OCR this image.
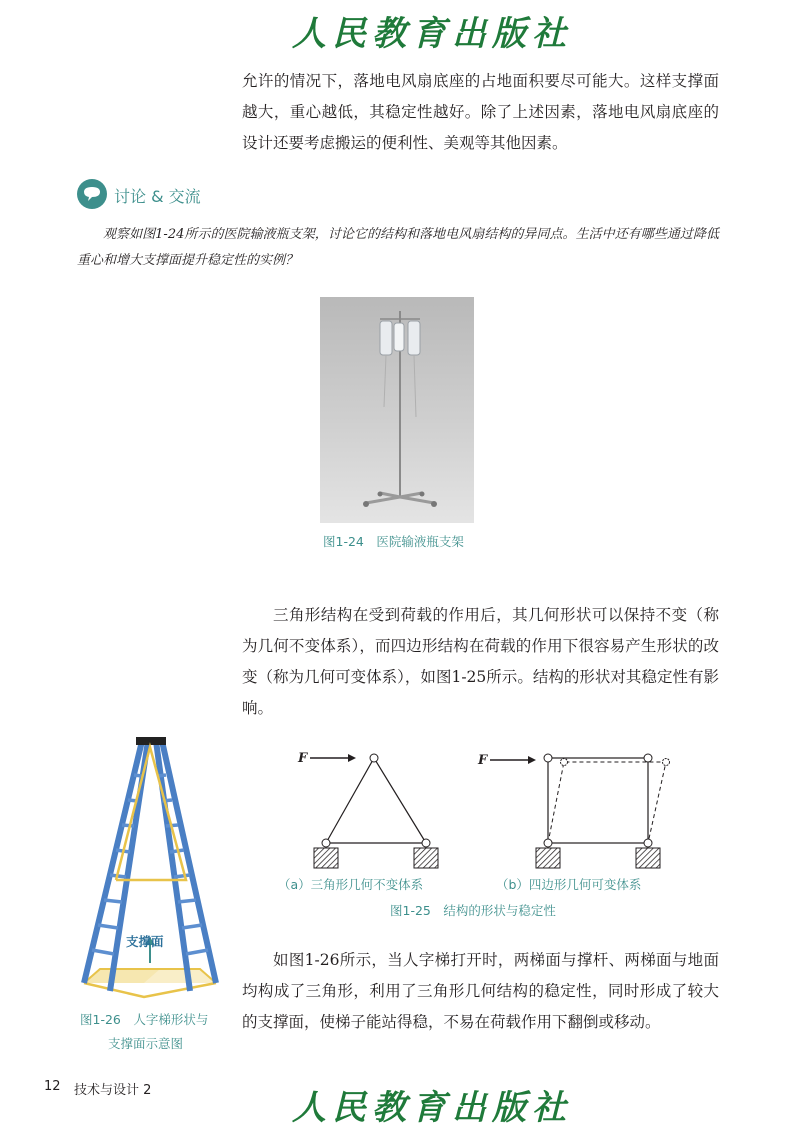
人民教育出版社

允许的情况下，落地电风扇底座的占地面积要尽可能大。这样支撑面越大，重心越低，其稳定性越好。除了上述因素，落地电风扇底座的设计还要考虑搬运的便利性、美观等其他因素。

讨论 & 交流
观察如图1-24所示的医院输液瓶支架，讨论它的结构和落地电风扇结构的异同点。生活中还有哪些通过降低重心和增大支撑面提升稳定性的实例？
图1-24　医院输液瓶支架

三角形结构在受到荷载的作用后，其几何形状可以保持不变（称为几何不变体系），而四边形结构在荷载的作用下很容易产生形状的改变（称为几何可变体系），如图1-25所示。结构的形状对其稳定性有影响。

支撑面
图1-26　人字梯形状与
支撑面示意图
F
（a）三角形几何不变体系
F
（b）四边形几何可变体系
图1-25　结构的形状与稳定性

如图1-26所示，当人字梯打开时，两梯面与撑杆、两梯面与地面均构成了三角形，利用了三角形几何结构的稳定性，同时形成了较大的支撑面，使梯子能站得稳，不易在荷载作用下翻倒或移动。

12 技术与设计 2	人民教育出版社
